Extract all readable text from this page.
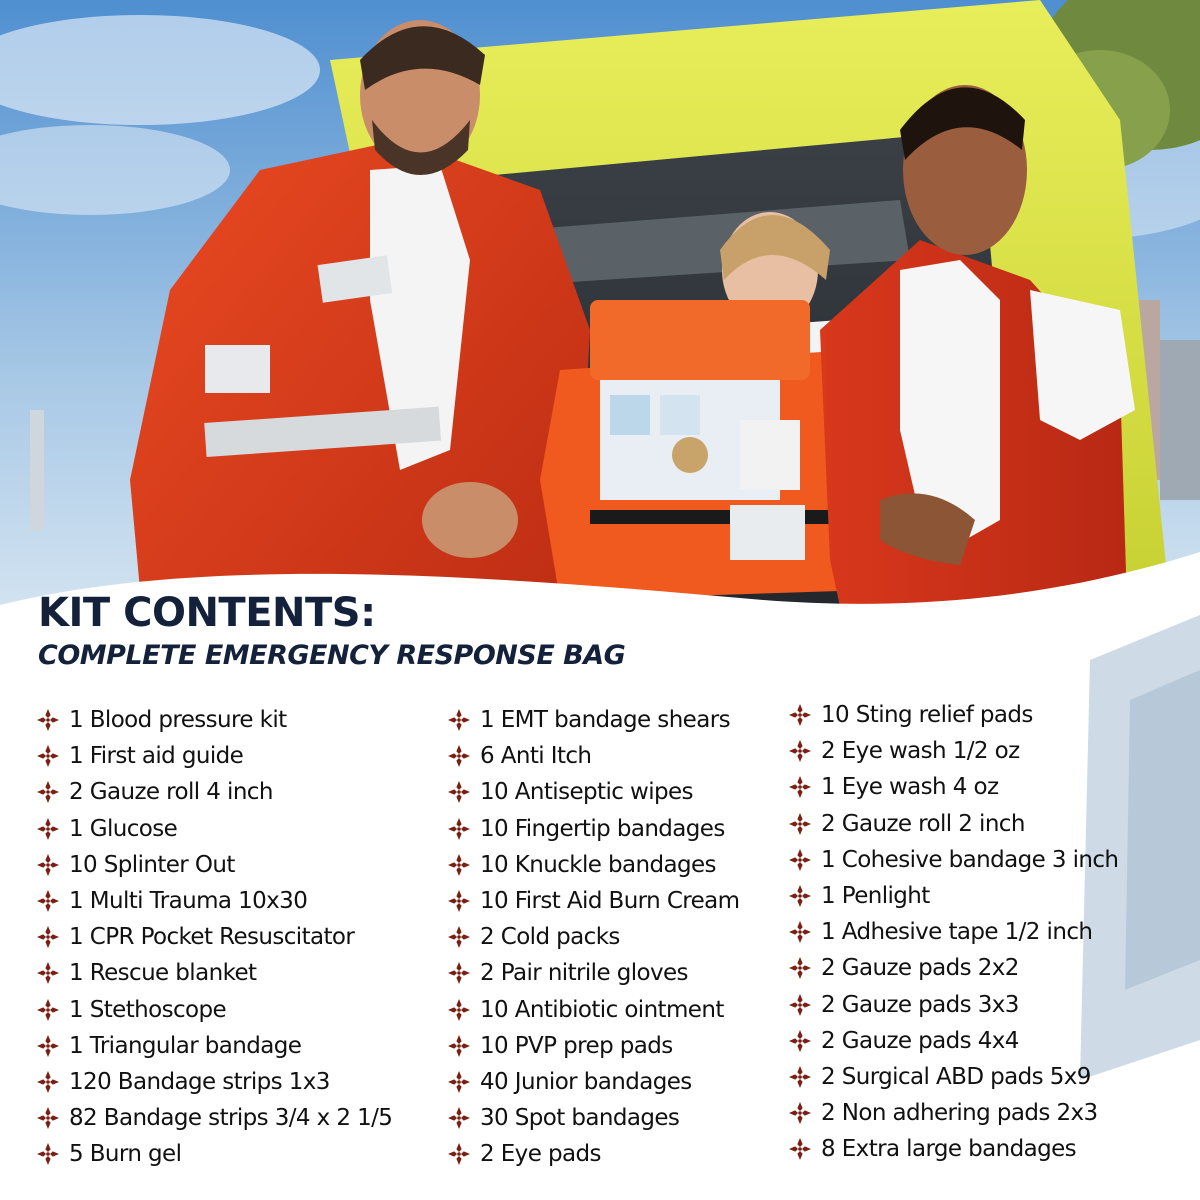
KIT CONTENTS:
COMPLETE EMERGENCY RESPONSE BAG
1 Blood pressure kit
1 First aid guide
2 Gauze roll 4 inch
1 Glucose
10 Splinter Out
1 Multi Trauma 10x30
1 CPR Pocket Resuscitator
1 Rescue blanket
1 Stethoscope
1 Triangular bandage
120 Bandage strips 1x3
82 Bandage strips 3/4 x 2 1/5
5 Burn gel
1 EMT bandage shears
6 Anti Itch
10 Antiseptic wipes
10 Fingertip bandages
10 Knuckle bandages
10 First Aid Burn Cream
2 Cold packs
2 Pair nitrile gloves
10 Antibiotic ointment
10 PVP prep pads
40 Junior bandages
30 Spot bandages
2 Eye pads
10 Sting relief pads
2 Eye wash 1/2 oz
1 Eye wash 4 oz
2 Gauze roll 2 inch
1 Cohesive bandage 3 inch
1 Penlight
1 Adhesive tape 1/2 inch
2 Gauze pads 2x2
2 Gauze pads 3x3
2 Gauze pads 4x4
2 Surgical ABD pads 5x9
2 Non adhering pads 2x3
8 Extra large bandages
